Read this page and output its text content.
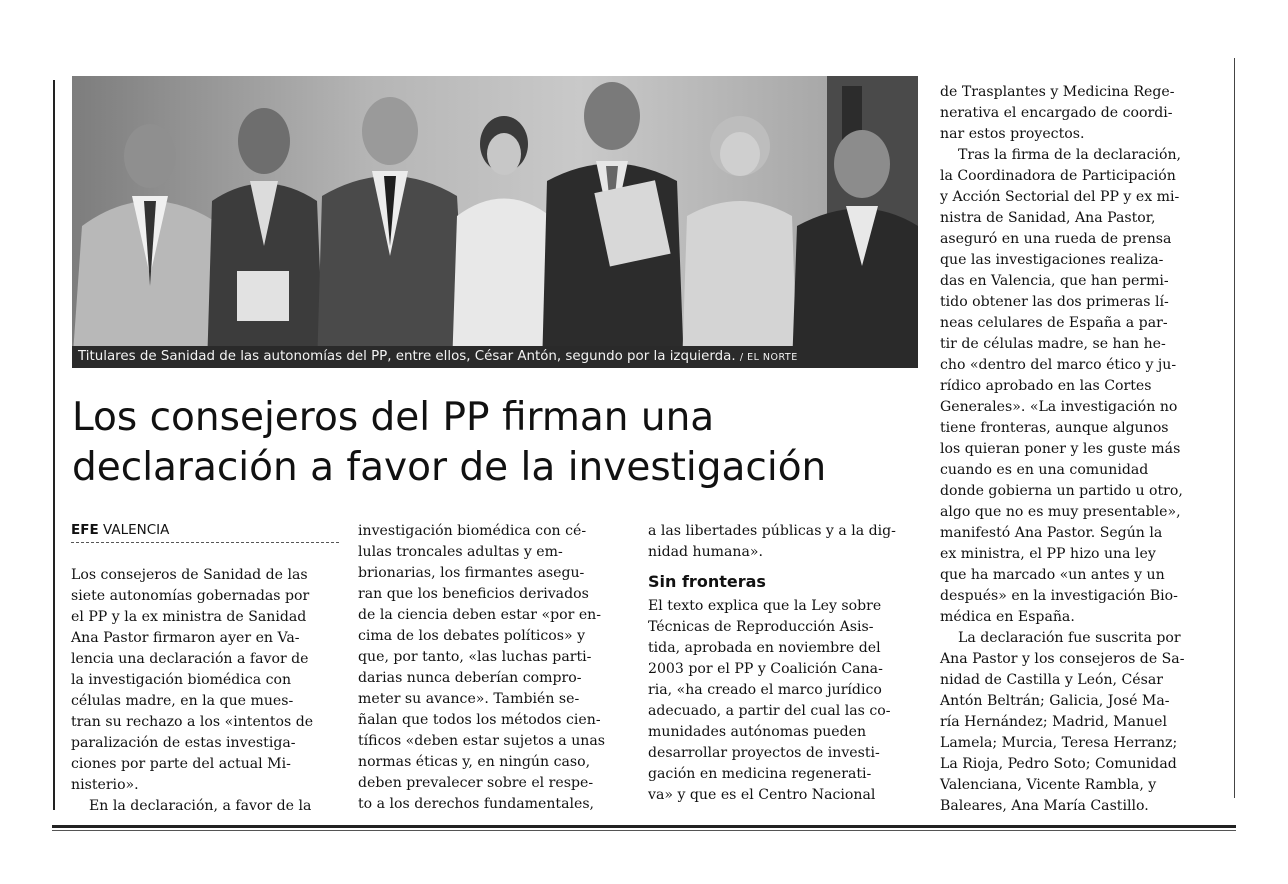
Titulares de Sanidad de las autonomías del PP, entre ellos, César Antón, segundo por la izquierda. / EL NORTE
Los consejeros del PP firman una
declaración a favor de la investigación
EFE VALENCIA
Los consejeros de Sanidad de las
siete autonomías gobernadas por
el PP y la ex ministra de Sanidad
Ana Pastor firmaron ayer en Va-
lencia una declaración a favor de
la investigación biomédica con
células madre, en la que mues-
tran su rechazo a los «intentos de
paralización de estas investiga-
ciones por parte del actual Mi-
nisterio».
En la declaración, a favor de la
investigación biomédica con cé-
lulas troncales adultas y em-
brionarias, los firmantes asegu-
ran que los beneficios derivados
de la ciencia deben estar «por en-
cima de los debates políticos» y
que, por tanto, «las luchas parti-
darias nunca deberían compro-
meter su avance». También se-
ñalan que todos los métodos cien-
tíficos «deben estar sujetos a unas
normas éticas y, en ningún caso,
deben prevalecer sobre el respe-
to a los derechos fundamentales,
a las libertades públicas y a la dig-
nidad humana».
Sin fronteras
El texto explica que la Ley sobre
Técnicas de Reproducción Asis-
tida, aprobada en noviembre del
2003 por el PP y Coalición Cana-
ria, «ha creado el marco jurídico
adecuado, a partir del cual las co-
munidades autónomas pueden
desarrollar proyectos de investi-
gación en medicina regenerati-
va» y que es el Centro Nacional
de Trasplantes y Medicina Rege-
nerativa el encargado de coordi-
nar estos proyectos.
Tras la firma de la declaración,
la Coordinadora de Participación
y Acción Sectorial del PP y ex mi-
nistra de Sanidad, Ana Pastor,
aseguró en una rueda de prensa
que las investigaciones realiza-
das en Valencia, que han permi-
tido obtener las dos primeras lí-
neas celulares de España a par-
tir de células madre, se han he-
cho «dentro del marco ético y ju-
rídico aprobado en las Cortes
Generales». «La investigación no
tiene fronteras, aunque algunos
los quieran poner y les guste más
cuando es en una comunidad
donde gobierna un partido u otro,
algo que no es muy presentable»,
manifestó Ana Pastor. Según la
ex ministra, el PP hizo una ley
que ha marcado «un antes y un
después» en la investigación Bio-
médica en España.
La declaración fue suscrita por
Ana Pastor y los consejeros de Sa-
nidad de Castilla y León, César
Antón Beltrán; Galicia, José Ma-
ría Hernández; Madrid, Manuel
Lamela; Murcia, Teresa Herranz;
La Rioja, Pedro Soto; Comunidad
Valenciana, Vicente Rambla, y
Baleares, Ana María Castillo.
